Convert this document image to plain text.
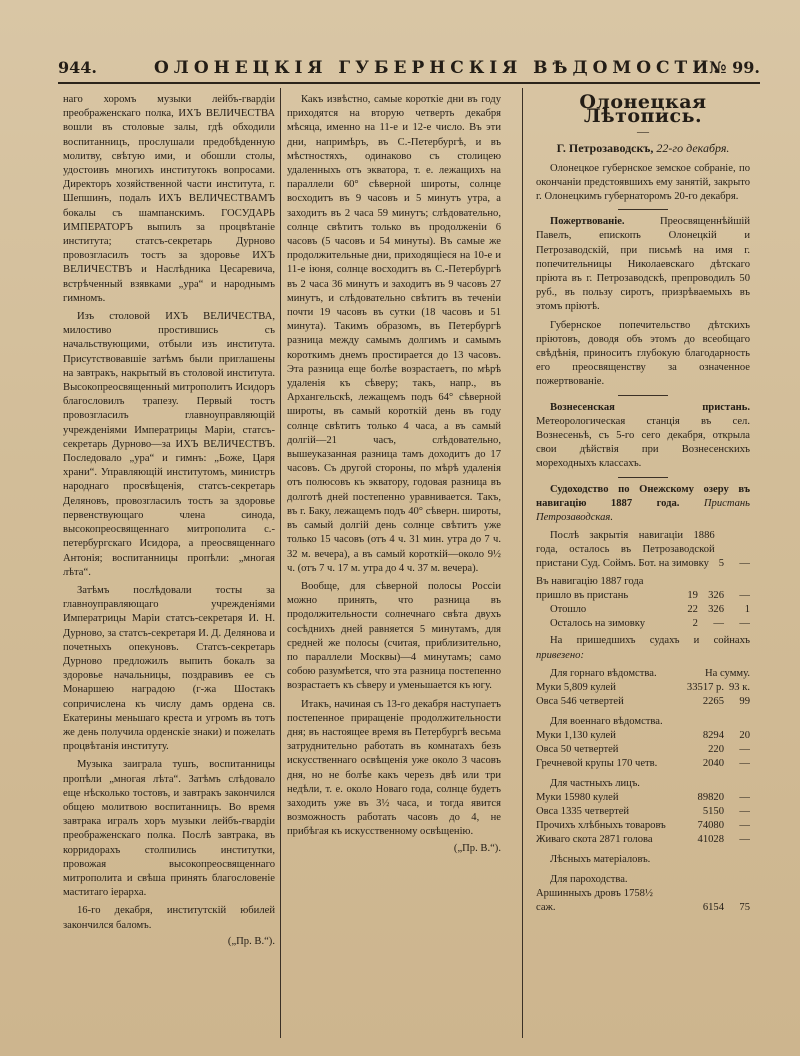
944.	ОЛОНЕЦКІЯ ГУБЕРНСКІЯ ВѢДОМОСТИ.
№ 99.

наго хоромъ музыки лейбъ-гвардіи преображенскаго полка, ИХЪ ВЕЛИЧЕСТВА вошли въ столовые залы, гдѣ обходили воспитанницъ, прослушали предобѣденную молитву, свѣтую ими, и обошли столы, удостоивъ многихъ институтокъ вопросами. Директоръ хозяйственной части института, г. Шепшинъ, подалъ ИХЪ ВЕЛИЧЕСТВАМЪ бокалы съ шампанскимъ. ГОСУДАРЬ ИМПЕРАТОРЪ выпилъ за процвѣтаніе института; статсъ-секретарь Дурново провозгласилъ тостъ за здоровье ИХЪ ВЕЛИЧЕСТВЪ и Наслѣдника Цесаревича, встрѣченный взявками „ура“ и народнымъ гимномъ.

Изъ столовой ИХЪ ВЕЛИЧЕСТВА, милостиво простившись съ начальствующими, отбыли изъ института. Присутствовавшіе затѣмъ были приглашены на завтракъ, накрытый въ столовой института. Высокопреосвященный митрополитъ Исидоръ благословилъ трапезу. Первый тостъ провозгласилъ главноуправляющій учрежденіями Императрицы Маріи, статсъ-секретарь Дурново—за ИХЪ ВЕЛИЧЕСТВЪ. Последовало „ура“ и гимнъ: „Боже, Царя храни“. Управляющій институтомъ, министръ народнаго просвѣщенія, статсъ-секретарь Деляновъ, провозгласилъ тостъ за здоровье первенствующаго члена синода, высокопреосвященнаго митрополита с.-петербургскаго Исидора, а преосвященнаго Антонія; воспитанницы пропѣли: „многая лѣта“.

Затѣмъ послѣдовали тосты за главноуправляющаго учрежденіями Императрицы Маріи статсъ-секретаря И. Н. Дурново, за статсъ-секретаря И. Д. Делянова и почетныхъ опекуновъ. Статсъ-секретарь Дурново предложилъ выпить бокалъ за здоровье начальницы, поздравивъ ее съ Монаршею наградою (г-жа Шостакъ сопричислена къ числу дамъ ордена св. Екатерины меньшаго креста и угромъ въ тотъ же день получила орденскіе знаки) и пожелать процвѣтанія институту.

Музыка заиграла тушъ, воспитанницы пропѣли „многая лѣта“. Затѣмъ слѣдовало еще нѣсколько тостовъ, и завтракъ закончился общею молитвою воспитанницъ. Во время завтрака игралъ хоръ музыки лейбъ-гвардіи преображенскаго полка. Послѣ завтрака, въ корридорахъ столпились институтки, провожая высокопреосвященнаго митрополита и свѣша принять благословеніе маститаго іерарха.

16-го декабря, институтскій юбилей закончился баломъ.

(„Пр. В.“).

Какъ извѣстно, самые короткіе дни въ году приходятся на вторую четверть декабря мѣсяца, именно на 11-е и 12-е число. Въ эти дни, напримѣръ, въ С.-Петербургѣ, и въ мѣстностяхъ, одинаково съ столицею удаленныхъ отъ экватора, т. е. лежащихъ на параллели 60° сѣверной широты, солнце восходитъ въ 9 часовъ и 5 минутъ утра, а заходитъ въ 2 часа 59 минутъ; слѣдовательно, солнце свѣтитъ только въ продолженіи 6 часовъ (5 часовъ и 54 минуты). Въ самые же продолжительные дни, приходящіеся на 10-е и 11-е іюня, солнце восходитъ въ С.-Петербургѣ въ 2 часа 36 минутъ и заходитъ въ 9 часовъ 27 минутъ, и слѣдовательно свѣтитъ въ теченіи почти 19 часовъ въ сутки (18 часовъ и 51 минута). Такимъ образомъ, въ Петербургѣ разница между самымъ долгимъ и самымъ короткимъ днемъ простирается до 13 часовъ. Эта разница еще болѣе возрастаетъ, по мѣрѣ удаленія къ сѣверу; такъ, напр., въ Архангельскѣ, лежащемъ подъ 64° сѣверной широты, въ самый короткій день въ году солнце свѣтитъ только 4 часа, а въ самый долгій—21 часъ, слѣдовательно, вышеуказанная разница тамъ доходитъ до 17 часовъ. Съ другой стороны, по мѣрѣ удаленія отъ полюсовъ къ экватору, годовая разница въ долготѣ дней постепенно уравнивается. Такъ, въ г. Баку, лежащемъ подъ 40° сѣверн. широты, въ самый долгій день солнце свѣтитъ уже только 15 часовъ (отъ 4 ч. 31 мин. утра до 7 ч. 32 м. вечера), а въ самый короткій—около 9½ ч. (отъ 7 ч. 17 м. утра до 4 ч. 37 м. вечера).

Вообще, для сѣверной полосы Россіи можно принять, что разница въ продолжительности солнечнаго свѣта двухъ сосѣднихъ дней равняется 5 минутамъ, для средней же полосы (считая, приблизительно, по параллели Москвы)—4 минутамъ; само собою разумѣется, что эта разница постепенно возрастаетъ къ сѣверу и уменьшается къ югу.

Итакъ, начиная съ 13-го декабря наступаетъ постепенное приращеніе продолжительности дня; въ настоящее время въ Петербургѣ весьма затруднительно работать въ комнатахъ безъ искусственнаго освѣщенія уже около 3 часовъ дня, но не болѣе какъ черезъ двѣ или три недѣли, т. е. около Новаго года, солнце будетъ заходить уже въ 3½ часа, и тогда явится возможность работать часовъ до 4, не прибѣгая къ искусственному освѣщенію.

(„Пр. В.“).
Олонецкая Лѣтопись.
—
Г. Петрозаводскъ, 22-го декабря.

Олонецкое губернское земское собраніе, по окончаніи предстоявшихъ ему занятій, закрыто г. Олонецкимъ губернаторомъ 20-го декабря.

Пожертвованіе.	Преосвященнѣйшій Павелъ, епископъ Олонецкій и Петрозаводскій, при письмѣ на имя г. попечительницы Николаевскаго дѣтскаго пріюта въ г. Петрозаводскѣ, препроводилъ 50 руб., въ пользу сиротъ, призрѣваемыхъ въ этомъ пріютѣ.

Губернское попечительство дѣтскихъ пріютовъ, доводя объ этомъ до всеобщаго свѣдѣнія, приноситъ глубокую благодарность его преосвященству за означенное пожертвованіе.

Вознесенская пристань. Метеорологическая станція въ сел. Вознесеньѣ, съ 5-го сего декабря, открыла свои дѣйствія при Вознесенскихъ мореходныхъ классахъ.

Судоходство по Онежскому озеру въ навигацію 1887 года. Пристань Петрозаводская.

Послѣ закрытія навигаціи 1886 года, осталось въ Петрозаводской пристани Суд. Соймъ. Бот. на зимовку	5	—
Въ навигацію 1887 года
пришло въ пристань	19	326	—
Отошло	22	326	1
Осталось на зимовку	2	—	—

На пришедшихъ судахъ и сойнахъ привезено:

Для горнаго вѣдомства.	На сумму.	
Муки 5,809 кулей	33517 р.	93 к.
Овса 546 четвертей	2265	99

Для военнаго вѣдомства.		
Муки 1,130 кулей	8294	20
Овса 50 четвертей	220	—
Гречневой крупы 170 четв.	2040	—

Для частныхъ лицъ.		
Муки 15980 кулей	89820	—
Овса 1335 четвертей	5150	—
Прочихъ хлѣбныхъ товаровъ	74080	—
Живаго скота 2871 голова	41028	—

Лѣсныхъ матеріаловъ.		

Для пароходства.		
Аршинныхъ дровъ 1758½ саж.	6154	75
